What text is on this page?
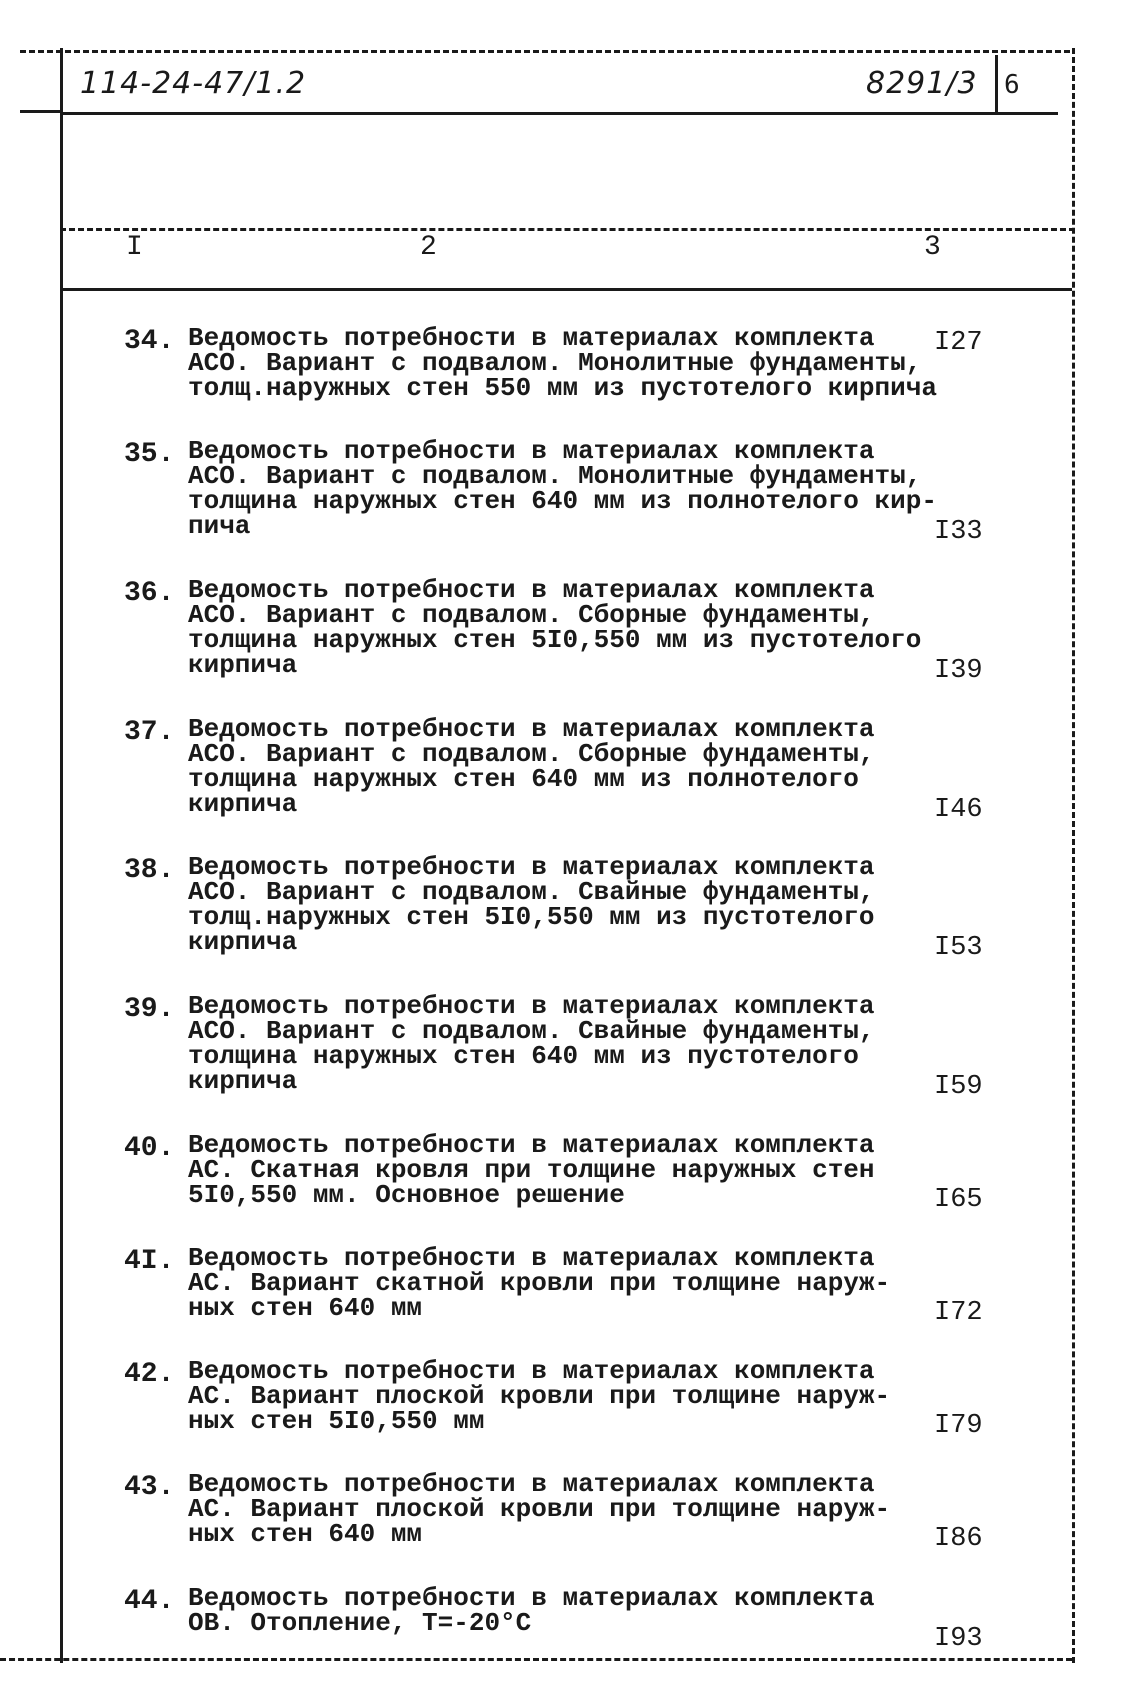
114-24-47/1.2	8291/3 6
I	2	3
34. Ведомость потребности в материалах комплекта
АСО. Вариант с подвалом. Монолитные фундаменты,
толщ.наружных стен 550 мм из пустотелого кирпича
I27
35. Ведомость потребности в материалах комплекта
АСО. Вариант с подвалом. Монолитные фундаменты,
толщина наружных стен 640 мм из полнотелого кир-
пича	I33
36. Ведомость потребности в материалах комплекта
АСО. Вариант с подвалом. Сборные фундаменты,
толщина наружных стен 5I0,550 мм из пустотелого
кирпича	I39
37. Ведомость потребности в материалах комплекта
АСО. Вариант с подвалом. Сборные фундаменты,
толщина наружных стен 640 мм из полнотелого
кирпича	I46
38. Ведомость потребности в материалах комплекта
АСО. Вариант с подвалом. Свайные фундаменты,
толщ.наружных стен 5I0,550 мм из пустотелого
кирпича	I53
39. Ведомость потребности в материалах комплекта
АСО. Вариант с подвалом. Свайные фундаменты,
толщина наружных стен 640 мм из пустотелого
кирпича	I59
40. Ведомость потребности в материалах комплекта
АС. Скатная кровля при толщине наружных стен
5I0,550 мм. Основное решение	I65
4I. Ведомость потребности в материалах комплекта
АС. Вариант скатной кровли при толщине наруж-
ных стен 640 мм	I72
42. Ведомость потребности в материалах комплекта
АС. Вариант плоской кровли при толщине наруж-
ных стен 5I0,550 мм	I79
43. Ведомость потребности в материалах комплекта
АС. Вариант плоской кровли при толщине наруж-
ных стен 640 мм	I86
44. Ведомость потребности в материалах комплекта
ОВ. Отопление, Т=-20°С
I93
